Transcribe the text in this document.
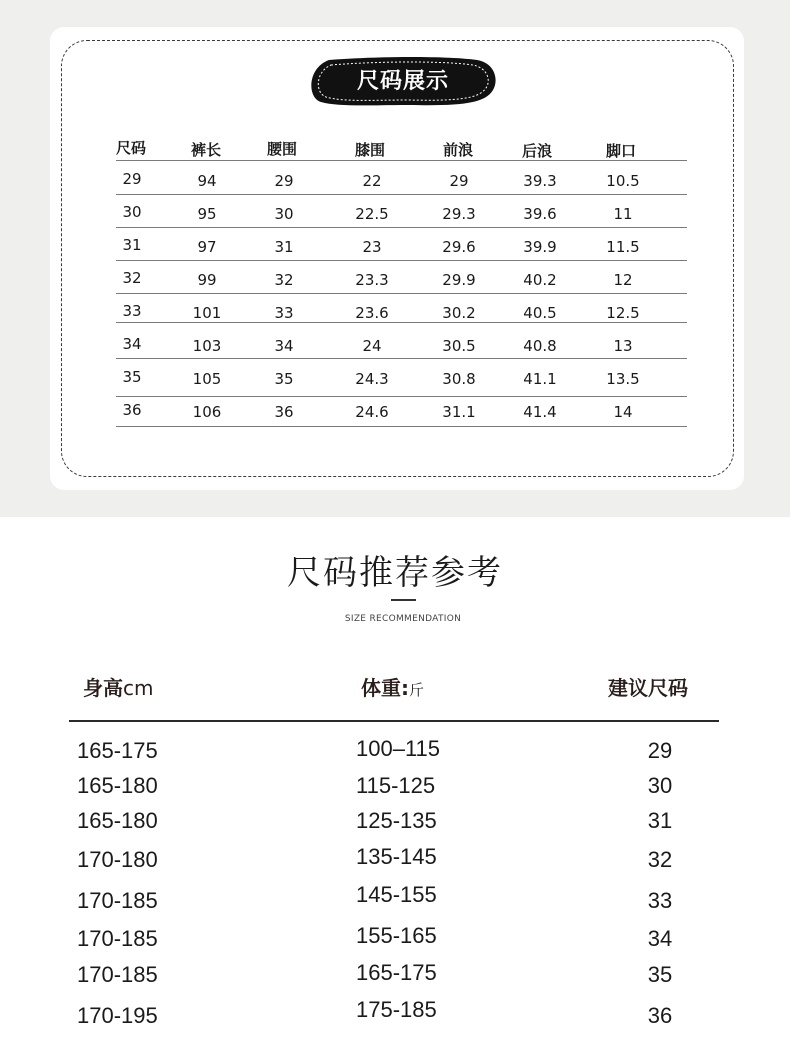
尺码展示
尺码	裤长	腰围	膝围	前浪	后浪	脚口
29	94	29	22	29	39.3	10.5
30	95	30	22.5	29.3	39.6	11
31	97	31	23	29.6	39.9	11.5
32	99	32	23.3	29.9	40.2	12
33	101	33	23.6	30.2	40.5	12.5
34	103	34	24	30.5	40.8	13
35	105	35	24.3	30.8	41.1	13.5
36	106	36	24.6	31.1	41.4	14
尺码推荐参考
SIZE RECOMMENDATION
身高cm	体重:斤	建议尺码
165-175	100–115	29
165-180	115-125	30
165-180	125-135	31
170-180	135-145	32
170-185	145-155	33
170-185	155-165	34
170-185	165-175	35
170-195	175-185	36
